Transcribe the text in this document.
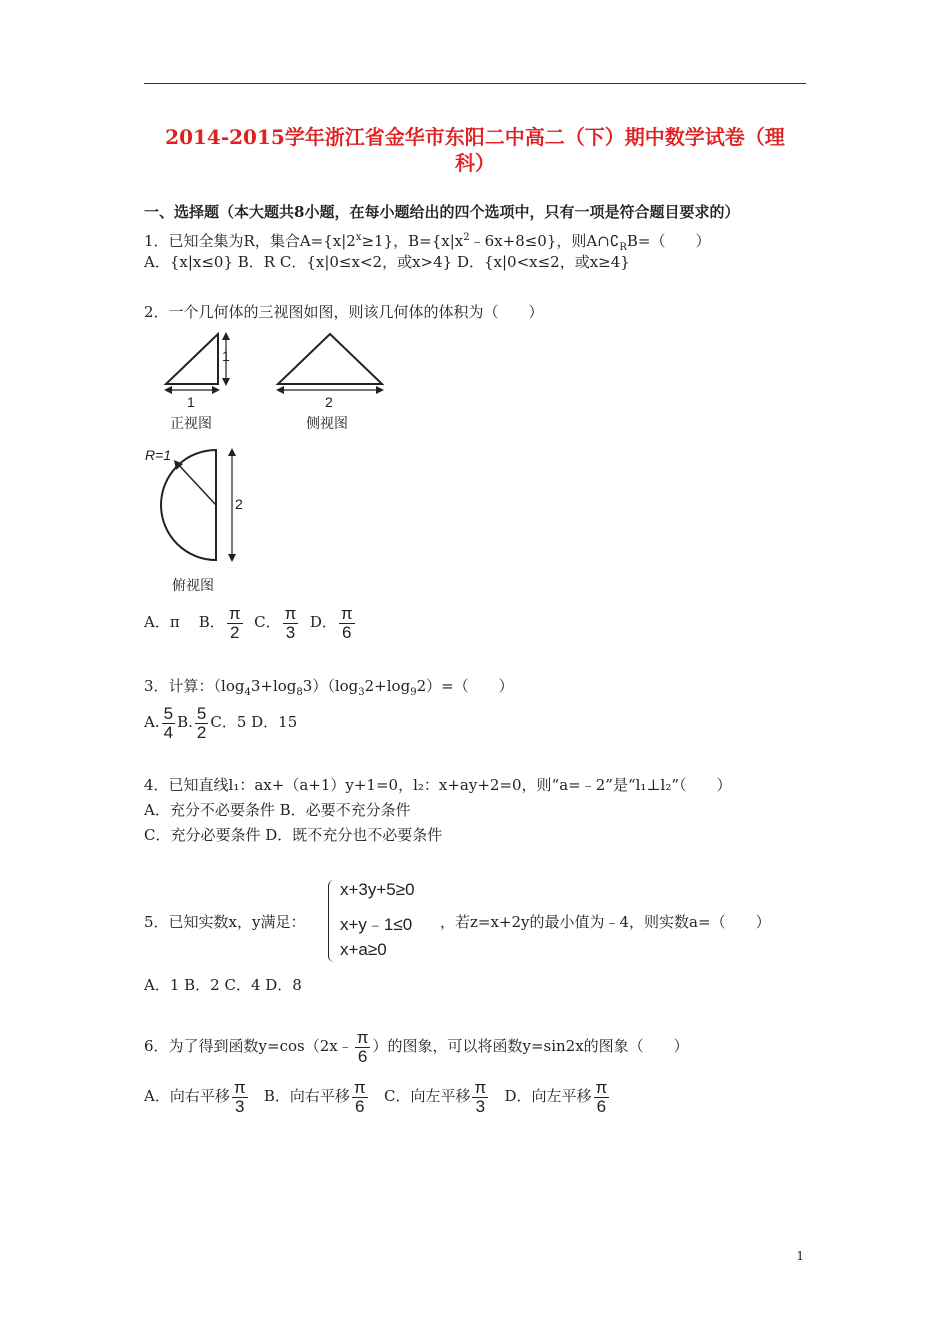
2014-2015学年浙江省金华市东阳二中高二（下）期中数学试卷（理
科）
一、选择题（本大题共8小题，在每小题给出的四个选项中，只有一项是符合题目要求的）
1．已知全集为R，集合$A=\{x|2^x\ge 1\}$，$B=\{x|x^2﹣6x+8\le 0\}$，则$A\cap∁_RB=$（　　）
A．{x|x≤0} B．R C．{x|0≤x<2，或x>4} D．{x|0<x≤2，或x≥4}
2．一个几何体的三视图如图，则该几何体的体积为（　　）
1
1	2
正视图	侧视图
R=1
2
俯视图
A．π B． $\frac{\pi}{2}$ C． $\frac{\pi}{3}$ D． $\frac{\pi}{6}$
3．计算：$(\log_43+\log_83)(\log_32+\log_92)=$（　　）
A. $\frac{5}{4} B$. $\frac{5}{2}$ C．5 D．15
4．已知直线l₁：ax+（a+1）y+1=0，l₂：x+ay+2=0，则“a=﹣2”是“l₁⊥l₂”（　　）
A．充分不必要条件 B．必要不充分条件
C．充分必要条件 D．既不充分也不必要条件
5．已知实数x，y满足：
x+3y+5≥0
x+y﹣1≤0
x+a≥0
，若z=x+2y的最小值为﹣4，则实数a=（　　）
A．1 B．2 C．4 D．8
6．为了得到函数y=cos（2x﹣ $\frac{\pi}{6}$ ）的图象，可以将函数y=sin2x的图象（　　）
A．向右平移 $\frac{\pi}{3}$ B．向右平移 $\frac{\pi}{6}$ C．向左平移 $\frac{\pi}{3}$ D．向左平移 $\frac{\pi}{6}$
1
